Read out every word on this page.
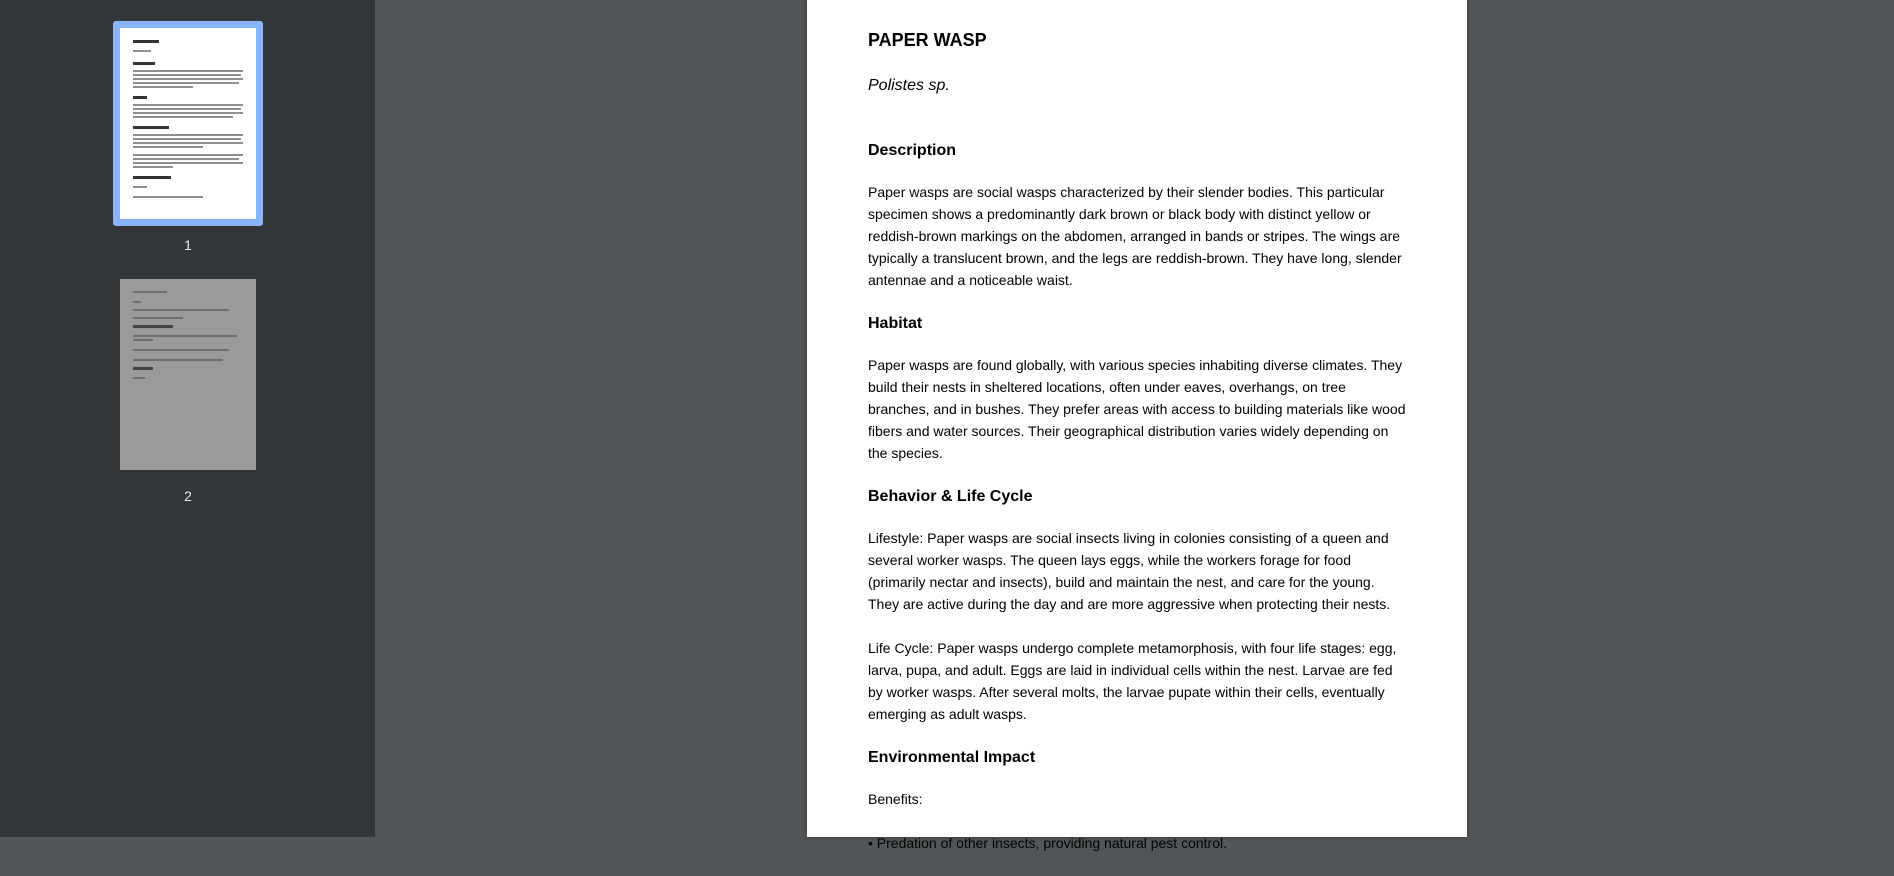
1
2
PAPER WASP
Polistes sp.
Description
Paper wasps are social wasps characterized by their slender bodies. This particular specimen shows a predominantly dark brown or black body with distinct yellow or reddish-brown markings on the abdomen, arranged in bands or stripes. The wings are typically a translucent brown, and the legs are reddish-brown. They have long, slender antennae and a noticeable waist.
Habitat
Paper wasps are found globally, with various species inhabiting diverse climates. They build their nests in sheltered locations, often under eaves, overhangs, on tree branches, and in bushes. They prefer areas with access to building materials like wood fibers and water sources. Their geographical distribution varies widely depending on the species.
Behavior & Life Cycle
Lifestyle: Paper wasps are social insects living in colonies consisting of a queen and several worker wasps. The queen lays eggs, while the workers forage for food (primarily nectar and insects), build and maintain the nest, and care for the young. They are active during the day and are more aggressive when protecting their nests.
Life Cycle: Paper wasps undergo complete metamorphosis, with four life stages: egg, larva, pupa, and adult. Eggs are laid in individual cells within the nest. Larvae are fed by worker wasps. After several molts, the larvae pupate within their cells, eventually emerging as adult wasps.
Environmental Impact
Benefits:
• Predation of other insects, providing natural pest control.
